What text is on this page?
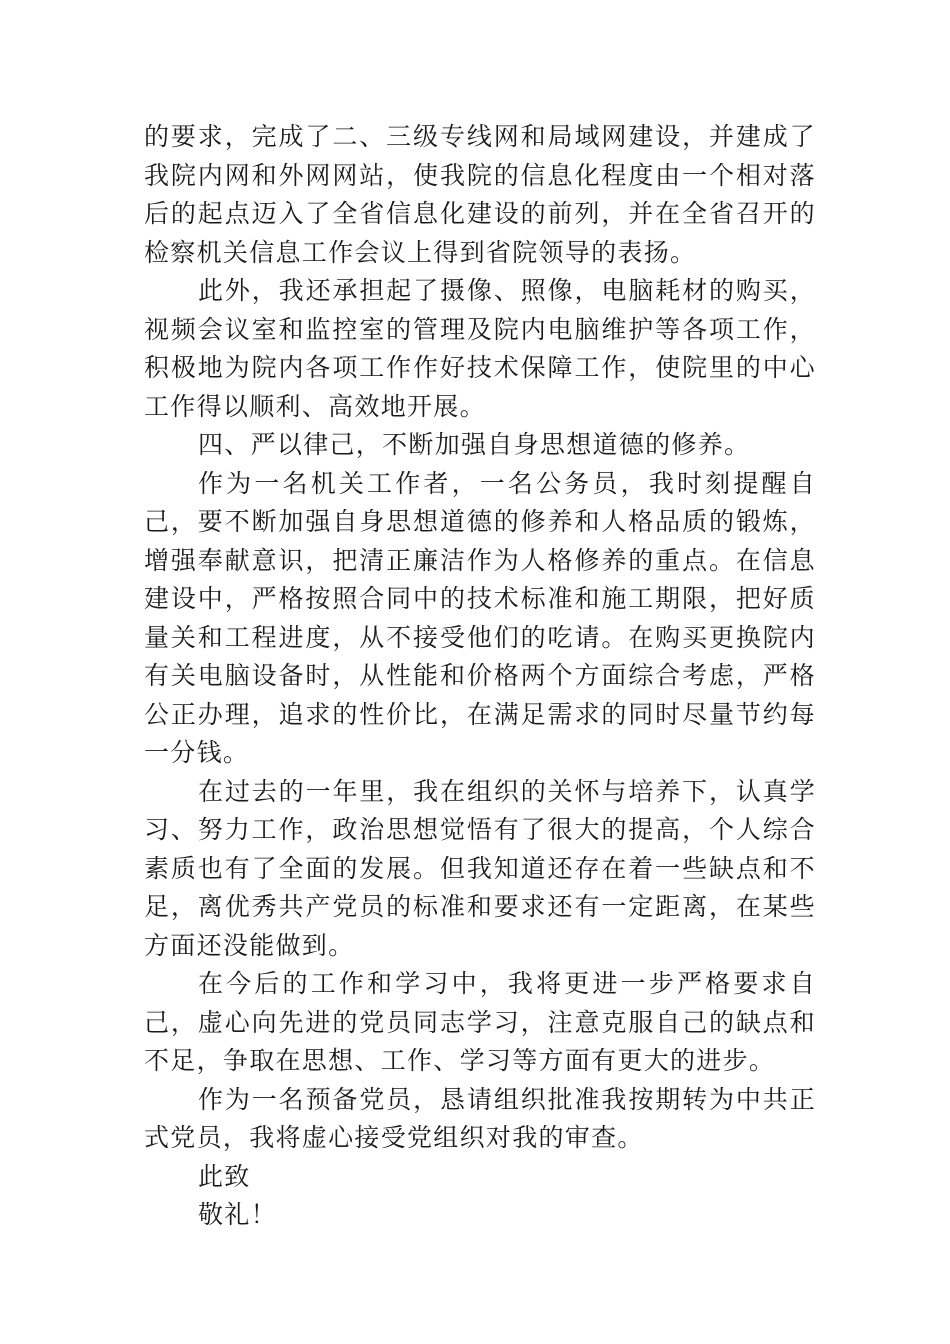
的要求，完成了二、三级专线网和局域网建设，并建成了我院内网和外网网站，使我院的信息化程度由一个相对落后的起点迈入了全省信息化建设的前列，并在全省召开的检察机关信息工作会议上得到省院领导的表扬。

此外，我还承担起了摄像、照像，电脑耗材的购买，视频会议室和监控室的管理及院内电脑维护等各项工作，积极地为院内各项工作作好技术保障工作，使院里的中心工作得以顺利、高效地开展。

四、严以律己，不断加强自身思想道德的修养。

作为一名机关工作者，一名公务员，我时刻提醒自己，要不断加强自身思想道德的修养和人格品质的锻炼，增强奉献意识，把清正廉洁作为人格修养的重点。在信息建设中，严格按照合同中的技术标准和施工期限，把好质量关和工程进度，从不接受他们的吃请。在购买更换院内有关电脑设备时，从性能和价格两个方面综合考虑，严格公正办理，追求的性价比，在满足需求的同时尽量节约每一分钱。

在过去的一年里，我在组织的关怀与培养下，认真学习、努力工作，政治思想觉悟有了很大的提高，个人综合素质也有了全面的发展。但我知道还存在着一些缺点和不足，离优秀共产党员的标准和要求还有一定距离，在某些方面还没能做到。

在今后的工作和学习中，我将更进一步严格要求自己，虚心向先进的党员同志学习，注意克服自己的缺点和不足，争取在思想、工作、学习等方面有更大的进步。

作为一名预备党员，恳请组织批准我按期转为中共正式党员，我将虚心接受党组织对我的审查。

此致

敬礼！
